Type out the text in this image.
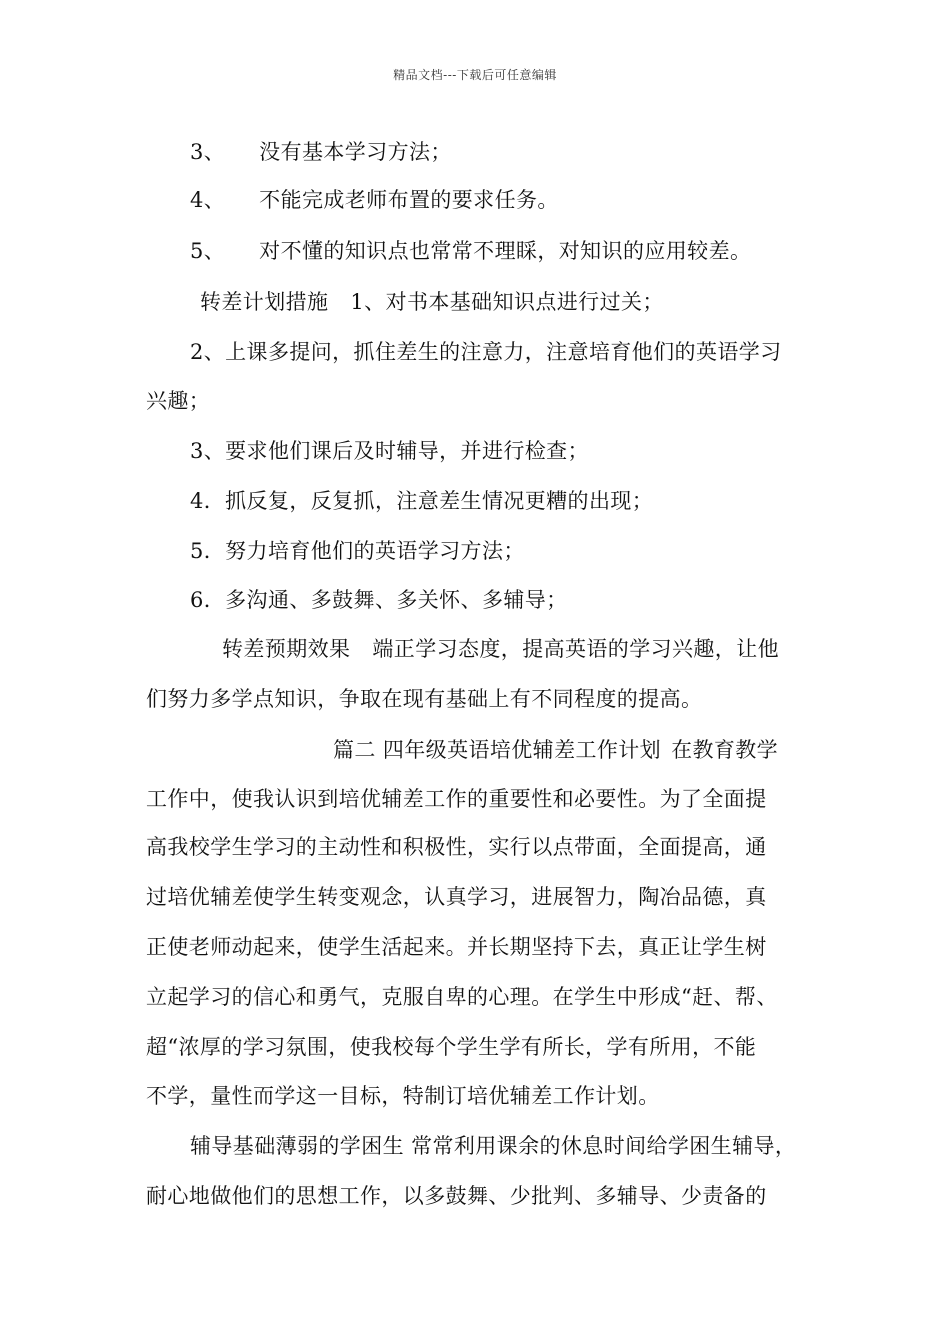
精品文档---下载后可任意编辑
3、 没有基本学习方法；
4、 不能完成老师布置的要求任务。
5、 对不懂的知识点也常常不理睬，对知识的应用较差。
转差计划措施 1、对书本基础知识点进行过关；
2、上课多提问，抓住差生的注意力，注意培育他们的英语学习
兴趣；
3、要求他们课后及时辅导，并进行检查；
4．抓反复，反复抓，注意差生情况更糟的出现；
5．努力培育他们的英语学习方法；
6．多沟通、多鼓舞、多关怀、多辅导；
转差预期效果 端正学习态度，提高英语的学习兴趣，让他
们努力多学点知识，争取在现有基础上有不同程度的提高。
篇二 四年级英语培优辅差工作计划 在教育教学
工作中，使我认识到培优辅差工作的重要性和必要性。为了全面提
高我校学生学习的主动性和积极性，实行以点带面，全面提高，通
过培优辅差使学生转变观念，认真学习，进展智力，陶冶品德，真
正使老师动起来，使学生活起来。并长期坚持下去，真正让学生树
立起学习的信心和勇气，克服自卑的心理。在学生中形成“赶、帮、
超“浓厚的学习氛围，使我校每个学生学有所长，学有所用，不能
不学，量性而学这一目标，特制订培优辅差工作计划。
辅导基础薄弱的学困生 常常利用课余的休息时间给学困生辅导，
耐心地做他们的思想工作，以多鼓舞、少批判、多辅导、少责备的
